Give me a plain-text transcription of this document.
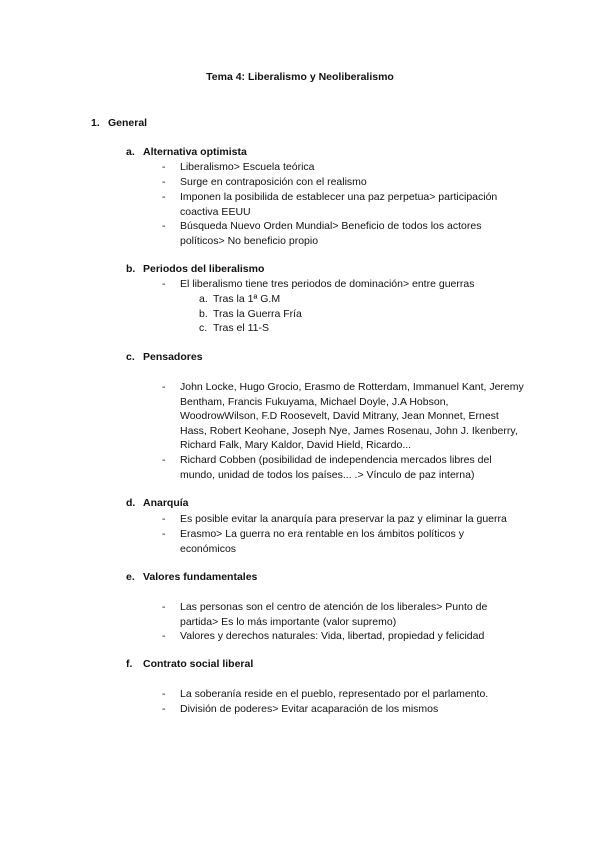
Tema 4: Liberalismo y Neoliberalismo
1. General
a. Alternativa optimista
- Liberalismo> Escuela teórica
- Surge en contraposición con el realismo
- Imponen la posibilida de establecer una paz perpetua> participación coactiva EEUU
- Búsqueda Nuevo Orden Mundial> Beneficio de todos los actores políticos> No beneficio propio
b. Periodos del liberalismo
- El liberalismo tiene tres periodos de dominación> entre guerras
a. Tras la 1ª G.M
b. Tras la Guerra Fría
c. Tras el 11-S
c. Pensadores
- John Locke, Hugo Grocio, Erasmo de Rotterdam, Immanuel Kant, Jeremy Bentham, Francis Fukuyama, Michael Doyle, J.A Hobson, WoodrowWilson, F.D Roosevelt, David Mitrany, Jean Monnet, Ernest Hass, Robert Keohane, Joseph Nye, James Rosenau, John J. Ikenberry, Richard Falk, Mary Kaldor, David Hield, Ricardo...
- Richard Cobben (posibilidad de independencia mercados libres del mundo, unidad de todos los países... .> Vínculo de paz interna)
d. Anarquía
- Es posible evitar la anarquía para preservar la paz y eliminar la guerra
- Erasmo> La guerra no era rentable en los ámbitos políticos y económicos
e. Valores fundamentales
- Las personas son el centro de atención de los liberales> Punto de partida> Es lo más importante (valor supremo)
- Valores y derechos naturales: Vida, libertad, propiedad y felicidad
f. Contrato social liberal
- La soberanía reside en el pueblo, representado por el parlamento.
- División de poderes> Evitar acaparación de los mismos
